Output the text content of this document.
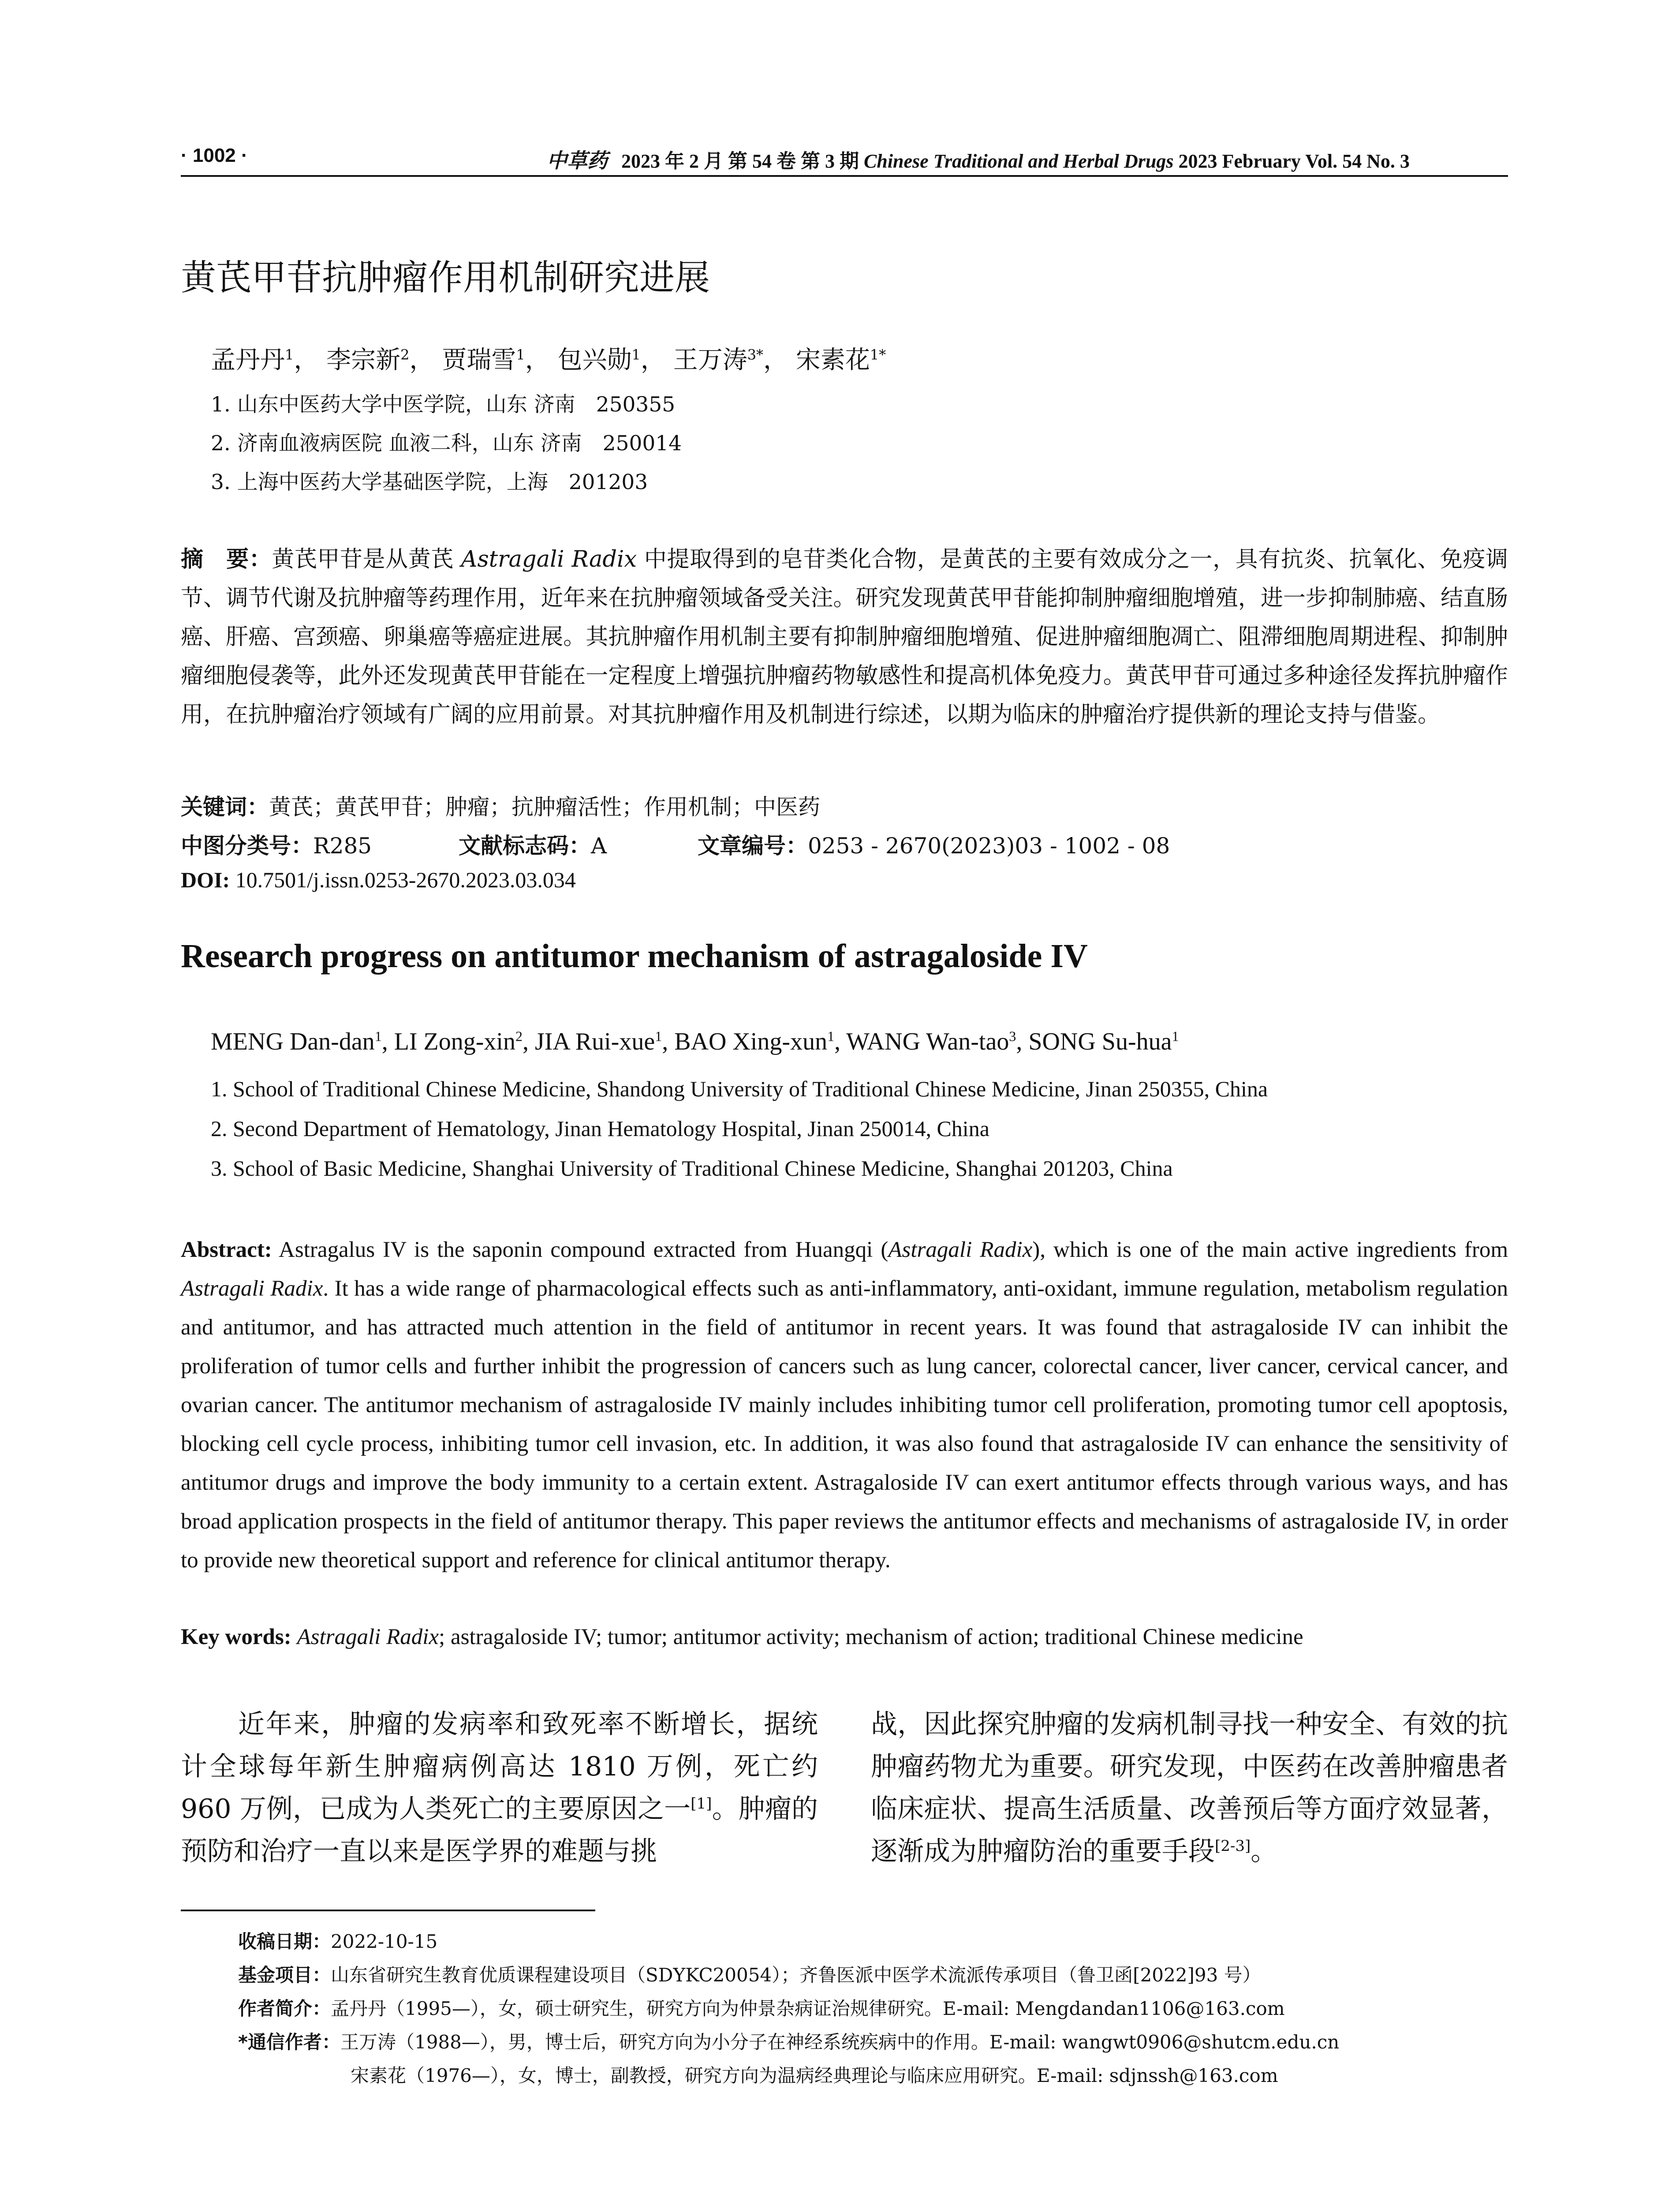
· 1002 ·	中草药 2023 年 2 月 第 54 卷 第 3 期 Chinese Traditional and Herbal Drugs 2023 February Vol. 54 No. 3
黄芪甲苷抗肿瘤作用机制研究进展
孟丹丹$^1$， 李宗新$^2$， 贾瑞雪$^1$， 包兴勋$^1$， 王万涛$^{3*}$， 宋素花$^{1*}$
1. 山东中医药大学中医学院，山东 济南　250355
2. 济南血液病医院 血液二科，山东 济南　250014
3. 上海中医药大学基础医学院，上海　201203
摘　要：黄芪甲苷是从黄芪 Astragali Radix 中提取得到的皂苷类化合物，是黄芪的主要有效成分之一，具有抗炎、抗氧化、免疫调节、调节代谢及抗肿瘤等药理作用，近年来在抗肿瘤领域备受关注。研究发现黄芪甲苷能抑制肿瘤细胞增殖，进一步抑制肺癌、结直肠癌、肝癌、宫颈癌、卵巢癌等癌症进展。其抗肿瘤作用机制主要有抑制肿瘤细胞增殖、促进肿瘤细胞凋亡、阻滞细胞周期进程、抑制肿瘤细胞侵袭等，此外还发现黄芪甲苷能在一定程度上增强抗肿瘤药物敏感性和提高机体免疫力。黄芪甲苷可通过多种途径发挥抗肿瘤作用，在抗肿瘤治疗领域有广阔的应用前景。对其抗肿瘤作用及机制进行综述，以期为临床的肿瘤治疗提供新的理论支持与借鉴。
关键词：黄芪；黄芪甲苷；肿瘤；抗肿瘤活性；作用机制；中医药
中图分类号：R285	文献标志码：A	文章编号：0253 - 2670(2023)03 - 1002 - 08
DOI: 10.7501/j.issn.0253-2670.2023.03.034
Research progress on antitumor mechanism of astragaloside IV
MENG Dan-dan$^1$, LI Zong-xin$^2$, JIA Rui-xue$^1$, BAO Xing-xun$^1$, WANG Wan-tao$^3$, SONG Su-hua$^1$
1. School of Traditional Chinese Medicine, Shandong University of Traditional Chinese Medicine, Jinan 250355, China
2. Second Department of Hematology, Jinan Hematology Hospital, Jinan 250014, China
3. School of Basic Medicine, Shanghai University of Traditional Chinese Medicine, Shanghai 201203, China
Abstract: Astragalus IV is the saponin compound extracted from Huangqi (Astragali Radix), which is one of the main active ingredients from Astragali Radix. It has a wide range of pharmacological effects such as anti-inflammatory, anti-oxidant, immune regulation, metabolism regulation and antitumor, and has attracted much attention in the field of antitumor in recent years. It was found that astragaloside IV can inhibit the proliferation of tumor cells and further inhibit the progression of cancers such as lung cancer, colorectal cancer, liver cancer, cervical cancer, and ovarian cancer. The antitumor mechanism of astragaloside IV mainly includes inhibiting tumor cell proliferation, promoting tumor cell apoptosis, blocking cell cycle process, inhibiting tumor cell invasion, etc. In addition, it was also found that astragaloside IV can enhance the sensitivity of antitumor drugs and improve the body immunity to a certain extent. Astragaloside IV can exert antitumor effects through various ways, and has broad application prospects in the field of antitumor therapy. This paper reviews the antitumor effects and mechanisms of astragaloside IV, in order to provide new theoretical support and reference for clinical antitumor therapy.
Key words: Astragali Radix; astragaloside IV; tumor; antitumor activity; mechanism of action; traditional Chinese medicine
近年来，肿瘤的发病率和致死率不断增长，据统计全球每年新生肿瘤病例高达 1810 万例，死亡约 960 万例，已成为人类死亡的主要原因之一[1]。肿瘤的预防和治疗一直以来是医学界的难题与挑
战，因此探究肿瘤的发病机制寻找一种安全、有效的抗肿瘤药物尤为重要。研究发现，中医药在改善肿瘤患者临床症状、提高生活质量、改善预后等方面疗效显著，逐渐成为肿瘤防治的重要手段[2-3]。
收稿日期：2022-10-15
基金项目：山东省研究生教育优质课程建设项目（SDYKC20054）；齐鲁医派中医学术流派传承项目（鲁卫函[2022]93 号）
作者简介：孟丹丹（1995—），女，硕士研究生，研究方向为仲景杂病证治规律研究。E-mail: Mengdandan1106@163.com
*通信作者：王万涛（1988—），男，博士后，研究方向为小分子在神经系统疾病中的作用。E-mail: wangwt0906@shutcm.edu.cn
宋素花（1976—），女，博士，副教授，研究方向为温病经典理论与临床应用研究。E-mail: sdjnssh@163.com
